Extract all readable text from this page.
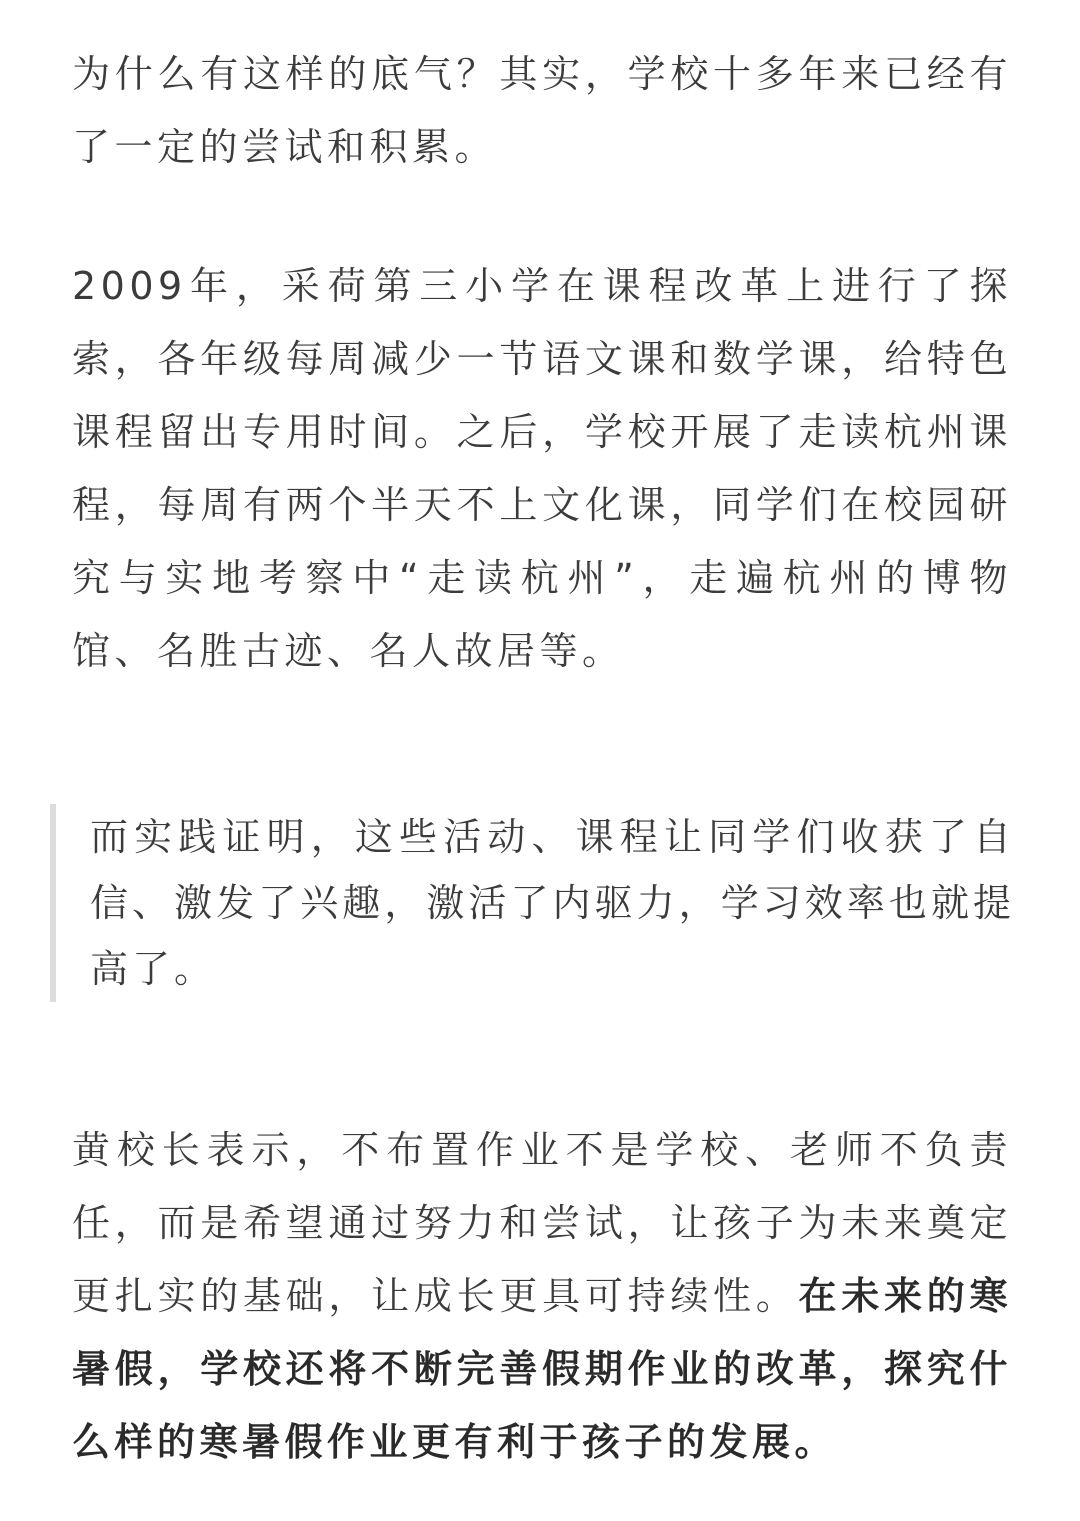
为什么有这样的底气？其实，学校十多年来已经有了一定的尝试和积累。

2009年，采荷第三小学在课程改革上进行了探索，各年级每周减少一节语文课和数学课，给特色课程留出专用时间。之后，学校开展了走读杭州课程，每周有两个半天不上文化课，同学们在校园研究与实地考察中“走读杭州”，走遍杭州的博物馆、名胜古迹、名人故居等。

而实践证明，这些活动、课程让同学们收获了自信、激发了兴趣，激活了内驱力，学习效率也就提高了。

黄校长表示，不布置作业不是学校、老师不负责任，而是希望通过努力和尝试，让孩子为未来奠定更扎实的基础，让成长更具可持续性。在未来的寒暑假，学校还将不断完善假期作业的改革，探究什么样的寒暑假作业更有利于孩子的发展。
